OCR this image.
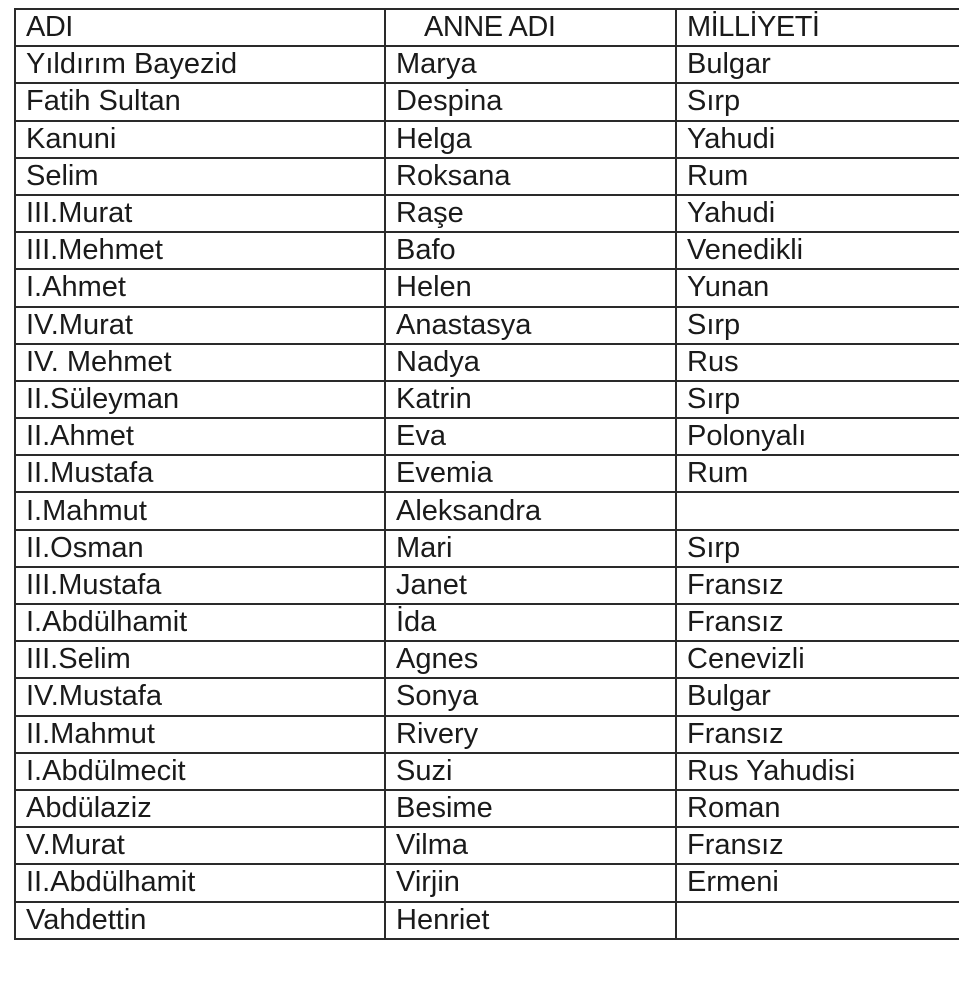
ADI	ANNE ADI	MİLLİYETİ
Yıldırım Bayezid	Marya	Bulgar
Fatih Sultan	Despina	Sırp
Kanuni	Helga	Yahudi
Selim	Roksana	Rum
III.Murat	Raşe	Yahudi
III.Mehmet	Bafo	Venedikli
I.Ahmet	Helen	Yunan
IV.Murat	Anastasya	Sırp
IV. Mehmet	Nadya	Rus
II.Süleyman	Katrin	Sırp
II.Ahmet	Eva	Polonyalı
II.Mustafa	Evemia	Rum
I.Mahmut	Aleksandra	
II.Osman	Mari	Sırp
III.Mustafa	Janet	Fransız
I.Abdülhamit	İda	Fransız
III.Selim	Agnes	Cenevizli
IV.Mustafa	Sonya	Bulgar
II.Mahmut	Rivery	Fransız
I.Abdülmecit	Suzi	Rus Yahudisi
Abdülaziz	Besime	Roman
V.Murat	Vilma	Fransız
II.Abdülhamit	Virjin	Ermeni
Vahdettin	Henriet	
